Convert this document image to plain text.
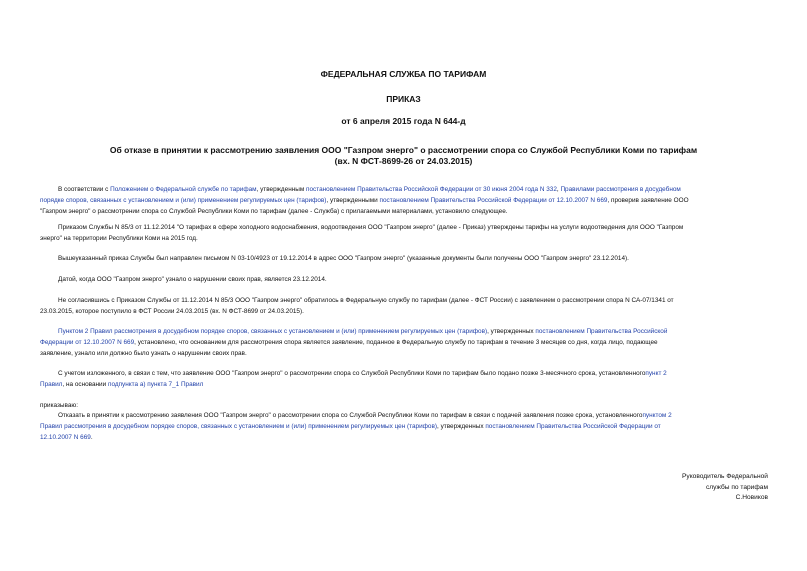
ФЕДЕРАЛЬНАЯ СЛУЖБА ПО ТАРИФАМ
ПРИКАЗ
от 6 апреля 2015 года N 644-д
Об отказе в принятии к рассмотрению заявления ООО "Газпром энерго" о рассмотрении спора со Службой Республики Коми по тарифам
(вх. N ФСТ-8699-26 от 24.03.2015)
В соответствии с Положением о Федеральной службе по тарифам, утвержденным постановлением Правительства Российской Федерации от 30 июня 2004 года N 332, Правилами рассмотрения в досудебном
порядке споров, связанных с установлением и (или) применением регулируемых цен (тарифов), утвержденными постановлением Правительства Российской Федерации от 12.10.2007 N 669, проверив заявление ООО
"Газпром энерго" о рассмотрении спора со Службой Республики Коми по тарифам (далее - Служба) с прилагаемыми материалами, установило следующее.
Приказом Службы N 85/3 от 11.12.2014 "О тарифах в сфере холодного водоснабжения, водоотведения ООО "Газпром энерго" (далее - Приказ) утверждены тарифы на услуги водоотведения для ООО "Газпром
энерго" на территории Республики Коми на 2015 год.
Вышеуказанный приказ Службы был направлен письмом N 03-10/4923 от 19.12.2014 в адрес ООО "Газпром энерго" (указанные документы были получены ООО "Газпром энерго" 23.12.2014).
Датой, когда ООО "Газпром энерго" узнало о нарушении своих прав, является 23.12.2014.
Не согласившись с Приказом Службы от 11.12.2014 N 85/3 ООО "Газпром энерго" обратилось в Федеральную службу по тарифам (далее - ФСТ России) с заявлением о рассмотрении спора N СА-07/1341 от
23.03.2015, которое поступило в ФСТ России 24.03.2015 (вх. N ФСТ-8699 от 24.03.2015).
Пунктом 2 Правил рассмотрения в досудебном порядке споров, связанных с установлением и (или) применением регулируемых цен (тарифов), утвержденных постановлением Правительства Российской
Федерации от 12.10.2007 N 669, установлено, что основанием для рассмотрения спора является заявление, поданное в Федеральную службу по тарифам в течение 3 месяцев со дня, когда лицо, подающее
заявление, узнало или должно было узнать о нарушении своих прав.
С учетом изложенного, в связи с тем, что заявление ООО "Газпром энерго" о рассмотрении спора со Службой Республики Коми по тарифам было подано позже 3-месячного срока, установленногопункт 2
Правил, на основании подпункта а) пункта 7_1 Правил
приказываю:
Отказать в принятии к рассмотрению заявления ООО "Газпром энерго" о рассмотрении спора со Службой Республики Коми по тарифам в связи с подачей заявления позже срока, установленногопунктом 2
Правил рассмотрения в досудебном порядке споров, связанных с установлением и (или) применением регулируемых цен (тарифов), утвержденных постановлением Правительства Российской Федерации от
12.10.2007 N 669.
Руководитель Федеральной
службы по тарифам
С.Новиков
